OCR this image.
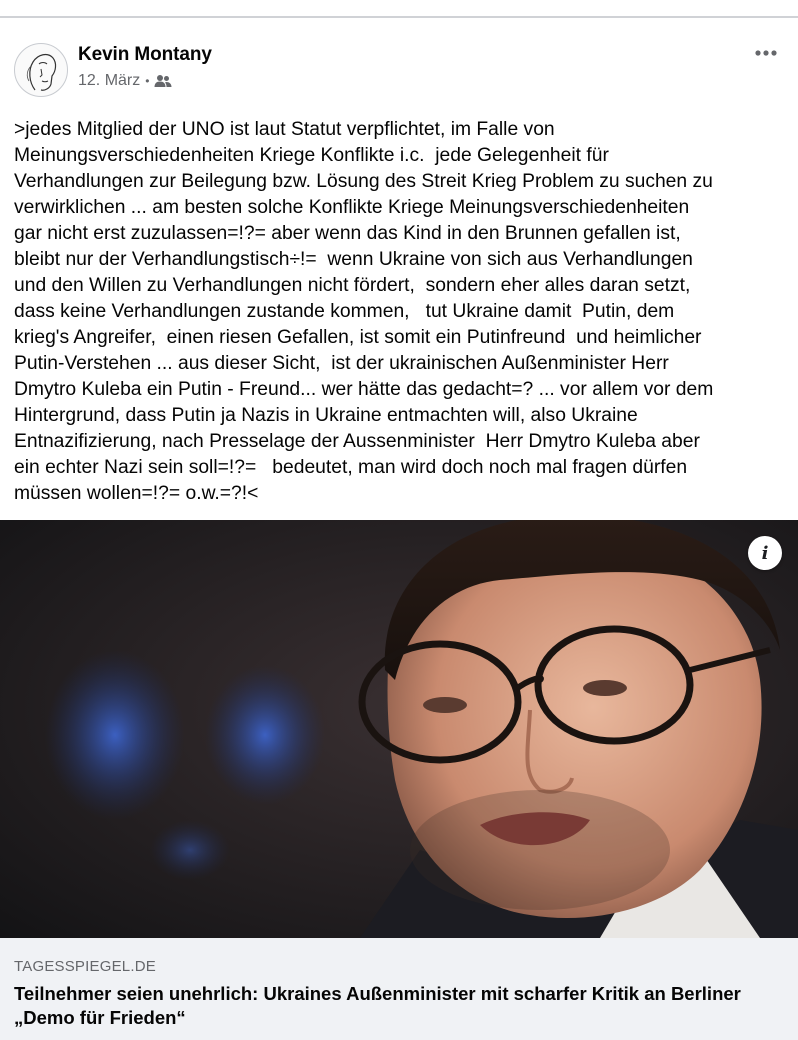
Kevin Montany
12. März •
>jedes Mitglied der UNO ist laut Statut verpflichtet, im Falle von
Meinungsverschiedenheiten Kriege Konflikte i.c.  jede Gelegenheit für
Verhandlungen zur Beilegung bzw. Lösung des Streit Krieg Problem zu suchen zu
verwirklichen ... am besten solche Konflikte Kriege Meinungsverschiedenheiten
gar nicht erst zuzulassen=!?= aber wenn das Kind in den Brunnen gefallen ist,
bleibt nur der Verhandlungstisch÷!=  wenn Ukraine von sich aus Verhandlungen
und den Willen zu Verhandlungen nicht fördert,  sondern eher alles daran setzt,
dass keine Verhandlungen zustande kommen,   tut Ukraine damit  Putin, dem
krieg's Angreifer,  einen riesen Gefallen, ist somit ein Putinfreund  und heimlicher
Putin-Verstehen ... aus dieser Sicht,  ist der ukrainischen Außenminister Herr
Dmytro Kuleba ein Putin - Freund... wer hätte das gedacht=? ... vor allem vor dem
Hintergrund, dass Putin ja Nazis in Ukraine entmachten will, also Ukraine
Entnazifizierung, nach Presselage der Aussenminister  Herr Dmytro Kuleba aber
ein echter Nazi sein soll=!?=   bedeutet, man wird doch noch mal fragen dürfen
müssen wollen=!?= o.w.=?!<
i
TAGESSPIEGEL.DE
Teilnehmer seien unehrlich: Ukraines Außenminister mit scharfer Kritik an Berliner „Demo für Frieden“
